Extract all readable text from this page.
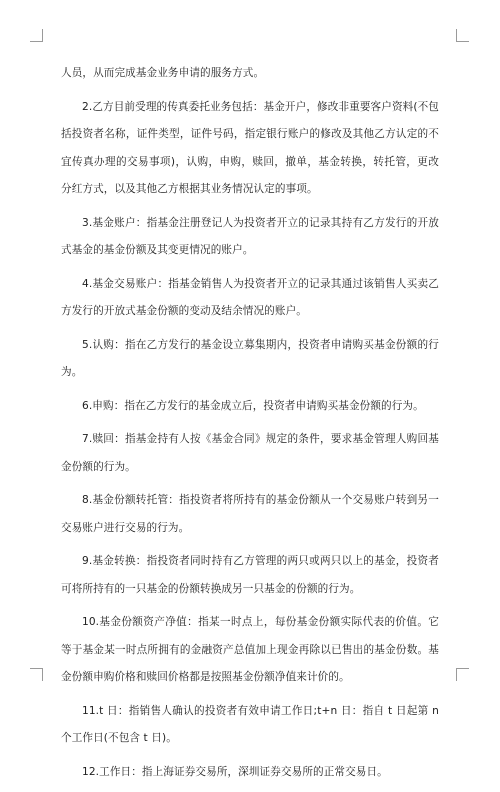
人员，从而完成基金业务申请的服务方式。

2.乙方目前受理的传真委托业务包括：基金开户，修改非重要客户资料(不包括投资者名称，证件类型，证件号码，指定银行账户的修改及其他乙方认定的不宜传真办理的交易事项)，认购，申购，赎回，撤单，基金转换，转托管，更改分红方式，以及其他乙方根据其业务情况认定的事项。

3.基金账户：指基金注册登记人为投资者开立的记录其持有乙方发行的开放式基金的基金份额及其变更情况的账户。

4.基金交易账户：指基金销售人为投资者开立的记录其通过该销售人买卖乙方发行的开放式基金份额的变动及结余情况的账户。

5.认购：指在乙方发行的基金设立募集期内，投资者申请购买基金份额的行为。

6.申购：指在乙方发行的基金成立后，投资者申请购买基金份额的行为。

7.赎回：指基金持有人按《基金合同》规定的条件，要求基金管理人购回基金份额的行为。

8.基金份额转托管：指投资者将所持有的基金份额从一个交易账户转到另一交易账户进行交易的行为。

9.基金转换：指投资者同时持有乙方管理的两只或两只以上的基金，投资者可将所持有的一只基金的份额转换成另一只基金的份额的行为。

10.基金份额资产净值：指某一时点上，每份基金份额实际代表的价值。它等于基金某一时点所拥有的金融资产总值加上现金再除以已售出的基金份数。基金份额申购价格和赎回价格都是按照基金份额净值来计价的。

11.t 日：指销售人确认的投资者有效申请工作日;t+n 日：指自 t 日起第 n 个工作日(不包含 t 日)。

12.工作日：指上海证券交易所，深圳证券交易所的正常交易日。
